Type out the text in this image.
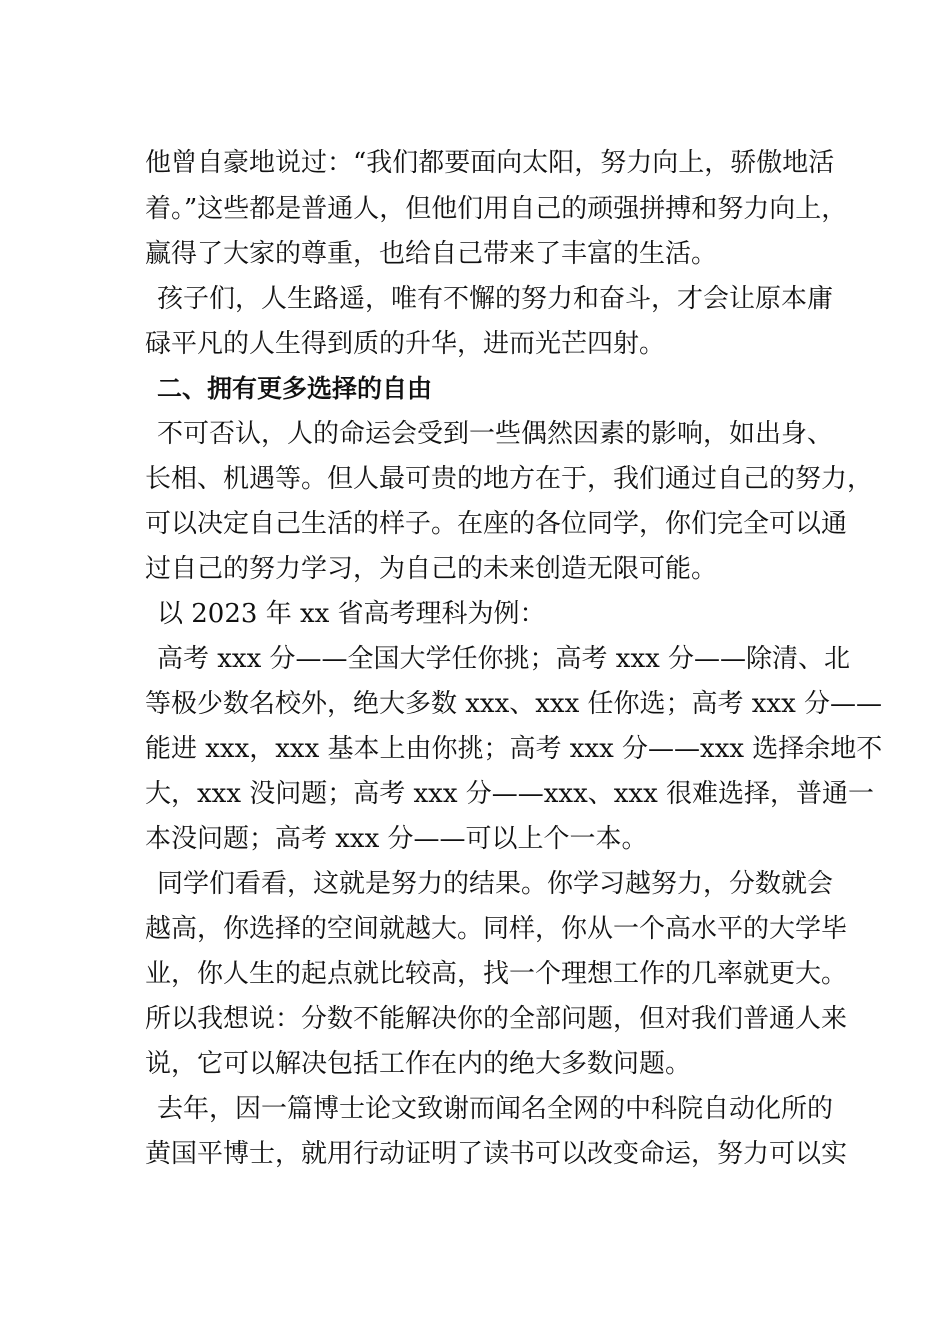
他曾自豪地说过：“我们都要面向太阳，努力向上，骄傲地活
着。”这些都是普通人，但他们用自己的顽强拼搏和努力向上，
赢得了大家的尊重，也给自己带来了丰富的生活。
孩子们，人生路遥，唯有不懈的努力和奋斗，才会让原本庸
碌平凡的人生得到质的升华，进而光芒四射。
二、拥有更多选择的自由
不可否认，人的命运会受到一些偶然因素的影响，如出身、
长相、机遇等。但人最可贵的地方在于，我们通过自己的努力，
可以决定自己生活的样子。在座的各位同学，你们完全可以通
过自己的努力学习，为自己的未来创造无限可能。
以 2023 年 xx 省高考理科为例：
高考 xxx 分——全国大学任你挑；高考 xxx 分——除清、北
等极少数名校外，绝大多数 xxx、xxx 任你选；高考 xxx 分——
能进 xxx，xxx 基本上由你挑；高考 xxx 分——xxx 选择余地不
大，xxx 没问题；高考 xxx 分——xxx、xxx 很难选择，普通一
本没问题；高考 xxx 分——可以上个一本。
同学们看看，这就是努力的结果。你学习越努力，分数就会
越高，你选择的空间就越大。同样，你从一个高水平的大学毕
业，你人生的起点就比较高，找一个理想工作的几率就更大。
所以我想说：分数不能解决你的全部问题，但对我们普通人来
说，它可以解决包括工作在内的绝大多数问题。
去年，因一篇博士论文致谢而闻名全网的中科院自动化所的
黄国平博士，就用行动证明了读书可以改变命运，努力可以实
